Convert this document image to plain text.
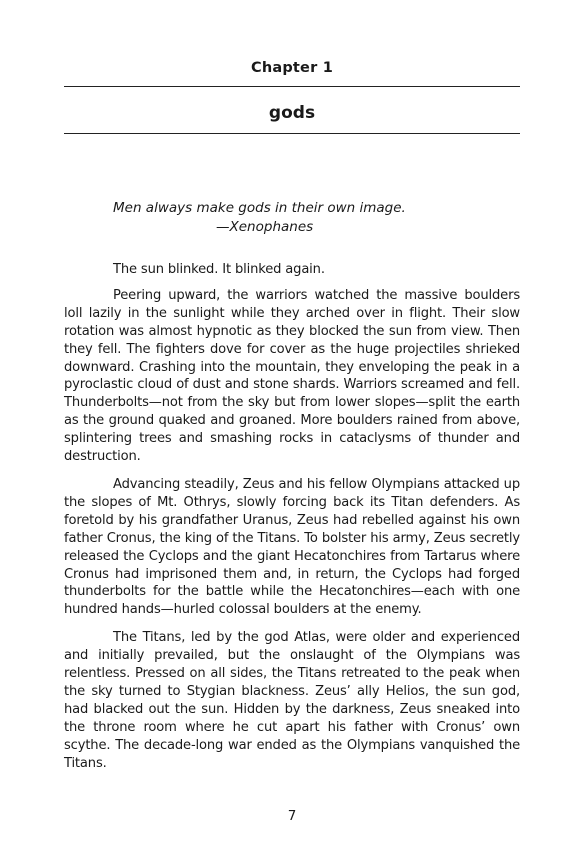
Chapter 1
gods
Men always make gods in their own image.
—Xenophanes

The sun blinked. It blinked again.

Peering upward, the warriors watched the massive boulders loll lazily in the sunlight while they arched over in flight. Their slow rotation was almost hypnotic as they blocked the sun from view. Then they fell. The fighters dove for cover as the huge projectiles shrieked downward. Crashing into the mountain, they enveloping the peak in a pyroclastic cloud of dust and stone shards. Warriors screamed and fell. Thunderbolts—not from the sky but from lower slopes—split the earth as the ground quaked and groaned. More boulders rained from above, splintering trees and smashing rocks in cataclysms of thunder and destruction.

Advancing steadily, Zeus and his fellow Olympians attacked up the slopes of Mt. Othrys, slowly forcing back its Titan defenders. As foretold by his grandfather Uranus, Zeus had rebelled against his own father Cronus, the king of the Titans. To bolster his army, Zeus secretly released the Cyclops and the giant Hecatonchires from Tartarus where Cronus had imprisoned them and, in return, the Cyclops had forged thunderbolts for the battle while the Hecatonchires—each with one hundred hands—hurled colossal boulders at the enemy.

The Titans, led by the god Atlas, were older and experienced and initially prevailed, but the onslaught of the Olympians was relentless. Pressed on all sides, the Titans retreated to the peak when the sky turned to Stygian blackness. Zeus’ ally Helios, the sun god, had blacked out the sun. Hidden by the darkness, Zeus sneaked into the throne room where he cut apart his father with Cronus’ own scythe. The decade-long war ended as the Olympians vanquished the Titans.

7
